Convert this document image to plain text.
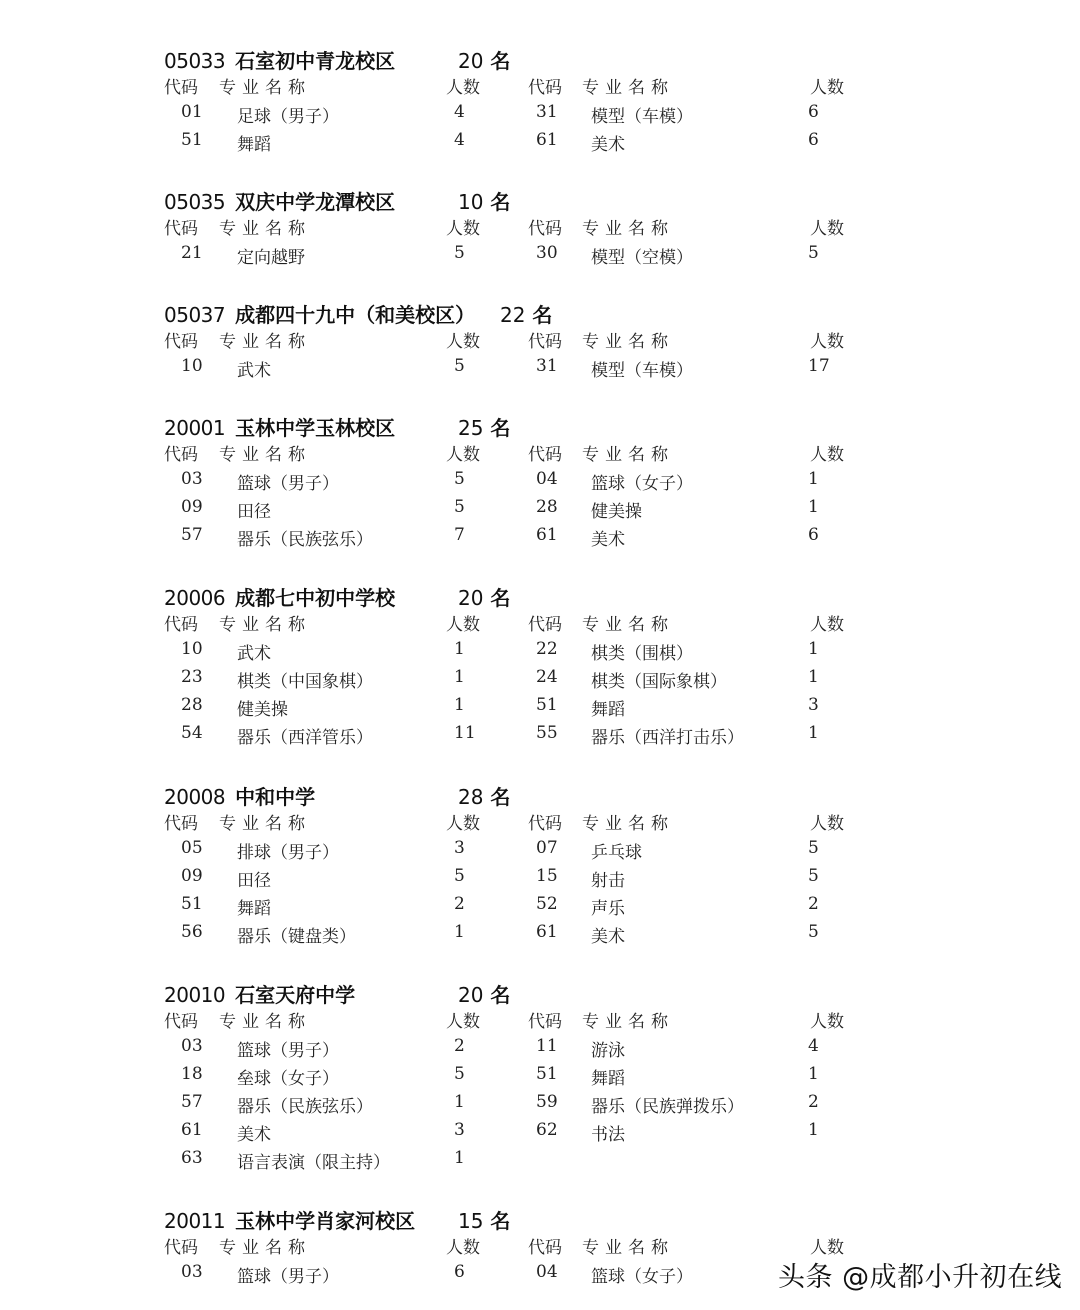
05033 石室初中青龙校区	20 名
代码 专业名称	人数	代码 专业名称	人数
01 足球（男子）	4	31 模型（车模）	6
51 舞蹈	4	61 美术	6
05035 双庆中学龙潭校区	10 名
代码 专业名称	人数	代码 专业名称	人数
21 定向越野	5	30 模型（空模）	5
05037 成都四十九中（和美校区） 22 名
代码 专业名称	人数	代码 专业名称	人数
10 武术	5	31 模型（车模）	17
20001 玉林中学玉林校区	25 名
代码 专业名称	人数	代码 专业名称	人数
03 篮球（男子）	5	04 篮球（女子）	1
09 田径	5	28 健美操	1
57 器乐（民族弦乐）	7	61 美术	6
20006 成都七中初中学校	20 名
代码 专业名称	人数	代码 专业名称	人数
10 武术	1	22 棋类（围棋）	1
23 棋类（中国象棋）	1	24 棋类（国际象棋）	1
28 健美操	1	51 舞蹈	3
54 器乐（西洋管乐）	11	55 器乐（西洋打击乐）	1
20008 中和中学	28 名
代码 专业名称	人数	代码 专业名称	人数
05 排球（男子）	3	07 乒乓球	5
09 田径	5	15 射击	5
51 舞蹈	2	52 声乐	2
56 器乐（键盘类）	1	61 美术	5
20010 石室天府中学	20 名
代码 专业名称	人数	代码 专业名称	人数
03 篮球（男子）	2	11 游泳	4
18 垒球（女子）	5	51 舞蹈	1
57 器乐（民族弦乐）	1	59 器乐（民族弹拨乐）	2
61 美术	3	62 书法	1
63 语言表演（限主持）	1
20011 玉林中学肖家河校区 15 名
代码 专业名称	人数	代码 专业名称	人数
03 篮球（男子）	6	04 篮球（女子）	头条 @成都小升初在线
